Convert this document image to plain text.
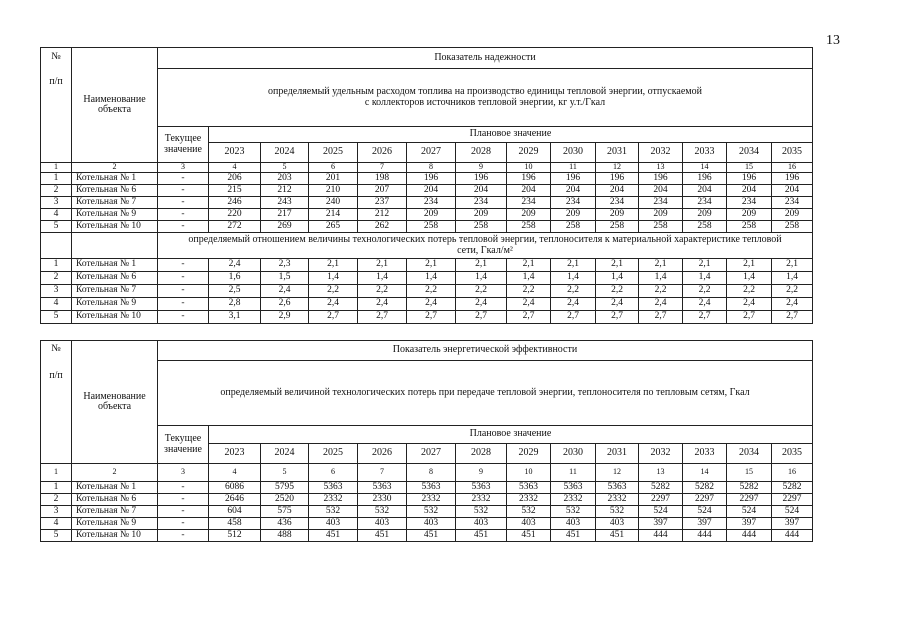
13
№
п/п	Наименование объекта	Показатель надежности													
		определяемый удельным расходом топлива на производство единицы тепловой энергии, отпускаемой с коллекторов источников тепловой энергии, кг у.т./Гкал													
		Текущее значение	Плановое значение												
			2023	2024	2025	2026	2027	2028	2029	2030	2031	2032	2033	2034	2035
1	2	3	4	5	6	7	8	9	10	11	12	13	14	15	16
1	Котельная № 1	-	206	203	201	198	196	196	196	196	196	196	196	196	196
2	Котельная № 6	-	215	212	210	207	204	204	204	204	204	204	204	204	204
3	Котельная № 7	-	246	243	240	237	234	234	234	234	234	234	234	234	234
4	Котельная № 9	-	220	217	214	212	209	209	209	209	209	209	209	209	209
5	Котельная № 10	-	272	269	265	262	258	258	258	258	258	258	258	258	258
		определяемый отношением величины технологических потерь тепловой энергии, теплоносителя к материальной характеристике тепловой сети, Гкал/м²													
1	Котельная № 1	-	2,4	2,3	2,1	2,1	2,1	2,1	2,1	2,1	2,1	2,1	2,1	2,1	2,1
2	Котельная № 6	-	1,6	1,5	1,4	1,4	1,4	1,4	1,4	1,4	1,4	1,4	1,4	1,4	1,4
3	Котельная № 7	-	2,5	2,4	2,2	2,2	2,2	2,2	2,2	2,2	2,2	2,2	2,2	2,2	2,2
4	Котельная № 9	-	2,8	2,6	2,4	2,4	2,4	2,4	2,4	2,4	2,4	2,4	2,4	2,4	2,4
5	Котельная № 10	-	3,1	2,9	2,7	2,7	2,7	2,7	2,7	2,7	2,7	2,7	2,7	2,7	2,7
№
п/п	Наименование объекта	Показатель энергетической эффективности													
		определяемый величиной технологических потерь при передаче тепловой энергии, теплоносителя по тепловым сетям, Гкал													
		Текущее значение	Плановое значение												
			2023	2024	2025	2026	2027	2028	2029	2030	2031	2032	2033	2034	2035
1	2	3	4	5	6	7	8	9	10	11	12	13	14	15	16
1	Котельная № 1	-	6086	5795	5363	5363	5363	5363	5363	5363	5363	5282	5282	5282	5282
2	Котельная № 6	-	2646	2520	2332	2330	2332	2332	2332	2332	2332	2297	2297	2297	2297
3	Котельная № 7	-	604	575	532	532	532	532	532	532	532	524	524	524	524
4	Котельная № 9	-	458	436	403	403	403	403	403	403	403	397	397	397	397
5	Котельная № 10	-	512	488	451	451	451	451	451	451	451	444	444	444	444
